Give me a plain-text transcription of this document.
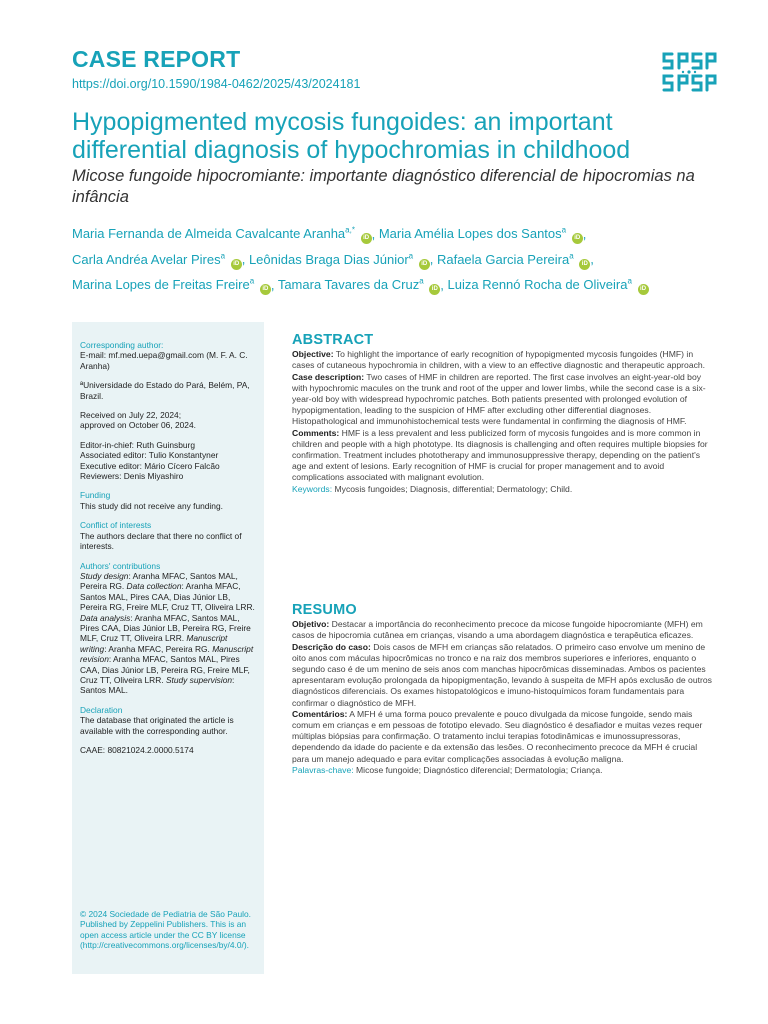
CASE REPORT
https://doi.org/10.1590/1984-0462/2025/43/2024181
Hypopigmented mycosis fungoides: an important differential diagnosis of hypochromias in childhood
Micose fungoide hipocromiante: importante diagnóstico diferencial de hipocromias na infância
Maria Fernanda de Almeida Cavalcante Aranha$^{a,*}$ iD , Maria Amélia Lopes dos Santos$^a$ iD ,
Carla Andréa Avelar Pires$^a$ iD , Leônidas Braga Dias Júnior$^a$ iD , Rafaela Garcia Pereira$^a$ iD ,
Marina Lopes de Freitas Freire$^a$ iD , Tamara Tavares da Cruz$^a$ iD , Luiza Rennó Rocha de Oliveira$^a$ iD
Corresponding author:
E-mail: mf.med.uepa@gmail.com (M. F. A. C. Aranha)
ªUniversidade do Estado do Pará, Belém, PA, Brazil.
Received on July 22, 2024;
approved on October 06, 2024.
Editor-in-chief: Ruth Guinsburg
Associated editor: Tulio Konstantyner
Executive editor: Mário Cícero Falcão
Reviewers: Denis Miyashiro
Funding
This study did not receive any funding.
Conflict of interests
The authors declare that there no conflict of interests.
Authors' contributions
Study design: Aranha MFAC, Santos MAL, Pereira RG. Data collection: Aranha MFAC, Santos MAL, Pires CAA, Dias Júnior LB, Pereira RG, Freire MLF, Cruz TT, Oliveira LRR. Data analysis: Aranha MFAC, Santos MAL, Pires CAA, Dias Júnior LB, Pereira RG, Freire MLF, Cruz TT, Oliveira LRR. Manuscript writing: Aranha MFAC, Pereira RG. Manuscript revision: Aranha MFAC, Santos MAL, Pires CAA, Dias Júnior LB, Pereira RG, Freire MLF, Cruz TT, Oliveira LRR. Study supervision: Santos MAL.
Declaration
The database that originated the article is available with the corresponding author.
CAAE: 80821024.2.0000.5174
© 2024 Sociedade de Pediatria de São Paulo. Published by Zeppelini Publishers. This is an open access article under the CC BY license (http://creativecommons.org/licenses/by/4.0/).
ABSTRACT

Objective: To highlight the importance of early recognition of hypopigmented mycosis fungoides (HMF) in cases of cutaneous hypochromia in children, with a view to an effective diagnostic and therapeutic approach.

Case description: Two cases of HMF in children are reported. The first case involves an eight-year-old boy with hypochromic macules on the trunk and root of the upper and lower limbs, while the second case is a six-year-old boy with widespread hypochromic patches. Both patients presented with prolonged evolution of hypopigmentation, leading to the suspicion of HMF after excluding other differential diagnoses. Histopathological and immunohistochemical tests were fundamental in confirming the diagnosis of HMF.

Comments: HMF is a less prevalent and less publicized form of mycosis fungoides and is more common in children and people with a high phototype. Its diagnosis is challenging and often requires multiple biopsies for confirmation. Treatment includes phototherapy and immunosuppressive therapy, depending on the patient's age and extent of lesions. Early recognition of HMF is crucial for proper management and to avoid complications associated with malignant evolution.

Keywords: Mycosis fungoides; Diagnosis, differential; Dermatology; Child.

RESUMO

Objetivo: Destacar a importância do reconhecimento precoce da micose fungoide hipocromiante (MFH) em casos de hipocromia cutânea em crianças, visando a uma abordagem diagnóstica e terapêutica eficazes.

Descrição do caso: Dois casos de MFH em crianças são relatados. O primeiro caso envolve um menino de oito anos com máculas hipocrômicas no tronco e na raiz dos membros superiores e inferiores, enquanto o segundo caso é de um menino de seis anos com manchas hipocrômicas disseminadas. Ambos os pacientes apresentaram evolução prolongada da hipopigmentação, levando à suspeita de MFH após exclusão de outros diagnósticos diferenciais. Os exames histopatológicos e imuno-histoquímicos foram fundamentais para confirmar o diagnóstico de MFH.

Comentários: A MFH é uma forma pouco prevalente e pouco divulgada da micose fungoide, sendo mais comum em crianças e em pessoas de fototipo elevado. Seu diagnóstico é desafiador e muitas vezes requer múltiplas biópsias para confirmação. O tratamento inclui terapias fotodinâmicas e imunossupressoras, dependendo da idade do paciente e da extensão das lesões. O reconhecimento precoce da MFH é crucial para um manejo adequado e para evitar complicações associadas à evolução maligna.

Palavras-chave: Micose fungoide; Diagnóstico diferencial; Dermatologia; Criança.
